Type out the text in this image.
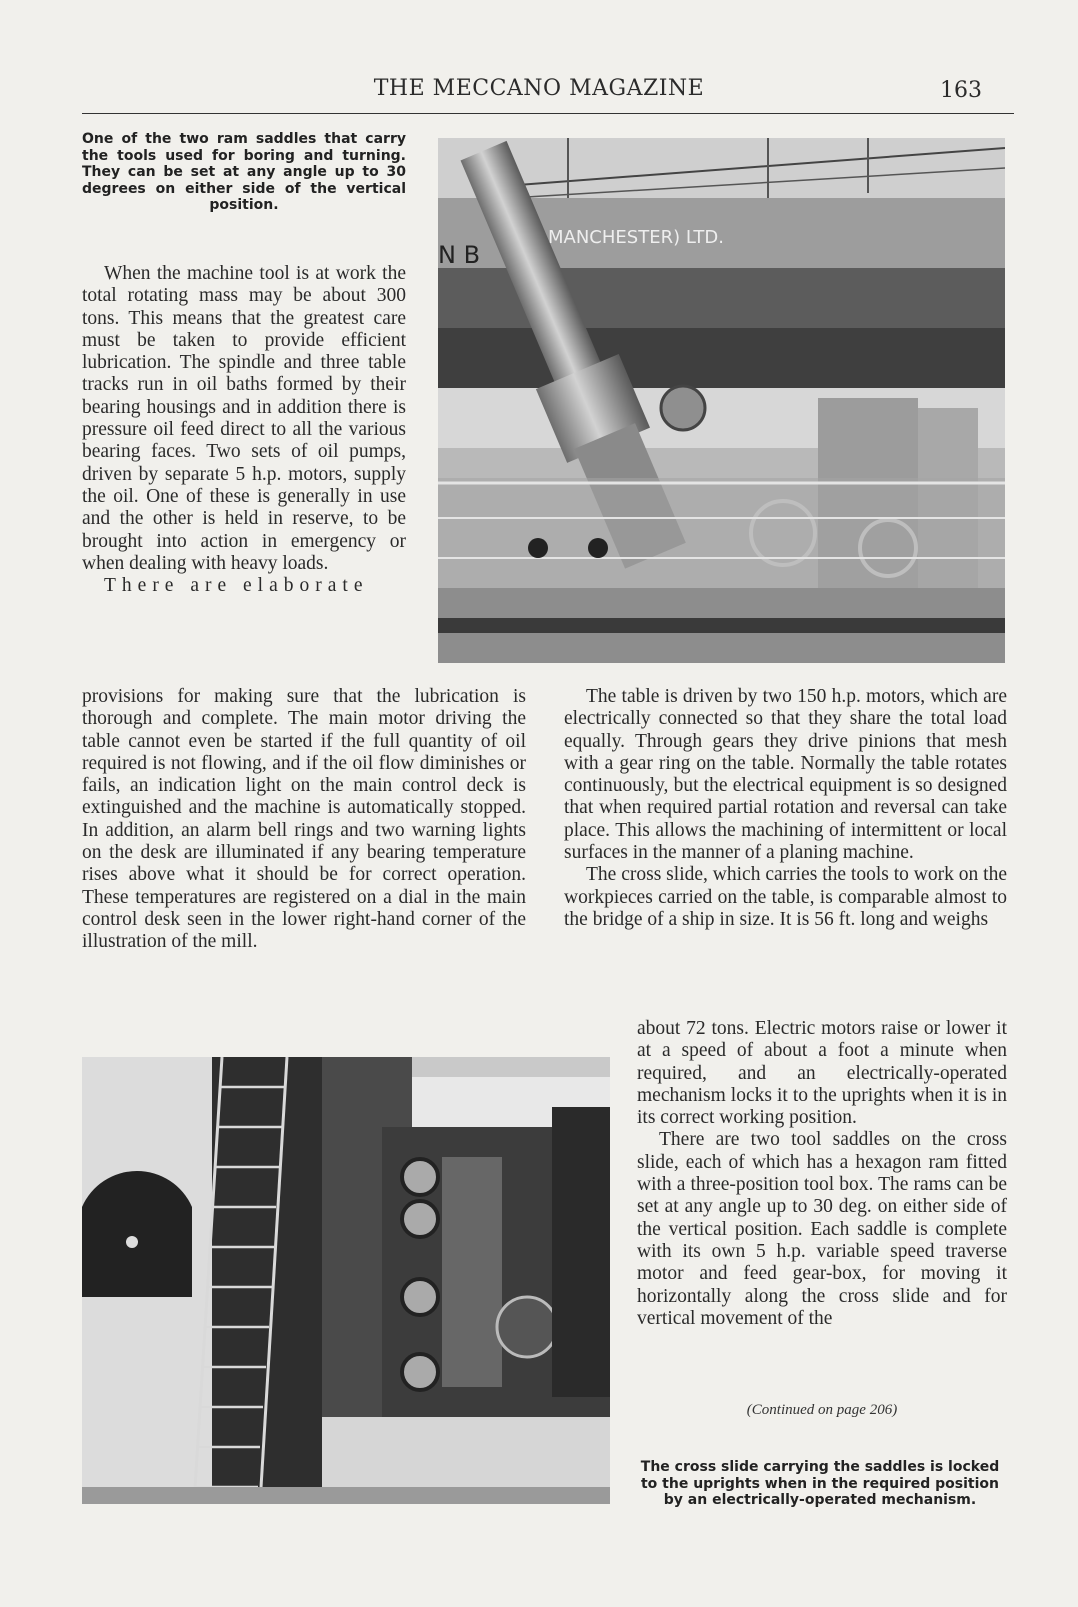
THE MECCANO MAGAZINE	163
One of the two ram saddles that carry the tools used for boring and turning. They can be set at any angle up to 30 degrees on either side of the vertical position.

When the machine tool is at work the total rotating mass may be about 300 tons. This means that the greatest care must be taken to provide efficient lubrication. The spindle and three table tracks run in oil baths formed by their bearing housings and in addition there is pressure oil feed direct to all the various bearing faces. Two sets of oil pumps, driven by separate 5 h.p. motors, supply the oil. One of these is generally in use and the other is held in reserve, to be brought into action in emergency or when dealing with heavy loads.

There are elaborate

N B
MANCHESTER) LTD.

provisions for making sure that the lubrication is thorough and complete. The main motor driving the table cannot even be started if the full quantity of oil required is not flowing, and if the oil flow diminishes or fails, an indication light on the main control deck is extinguished and the machine is automatically stopped. In addition, an alarm bell rings and two warning lights on the desk are illuminated if any bearing temperature rises above what it should be for correct operation. These temperatures are registered on a dial in the main control desk seen in the lower right-hand corner of the illustration of the mill.

The table is driven by two 150 h.p. motors, which are electrically connected so that they share the total load equally. Through gears they drive pinions that mesh with a gear ring on the table. Normally the table rotates continuously, but the electrical equipment is so designed that when required partial rotation and reversal can take place. This allows the machining of intermittent or local surfaces in the manner of a planing machine.

The cross slide, which carries the tools to work on the workpieces carried on the table, is comparable almost to the bridge of a ship in size. It is 56 ft. long and weighs

about 72 tons. Electric motors raise or lower it at a speed of about a foot a minute when required, and an electrically-operated mechanism locks it to the uprights when it is in its correct working position.

There are two tool saddles on the cross slide, each of which has a hexagon ram fitted with a three-position tool box. The rams can be set at any angle up to 30 deg. on either side of the vertical position. Each saddle is complete with its own 5 h.p. variable speed traverse motor and feed gear-box, for moving it horizontally along the cross slide and for vertical movement of the

(Continued on page 206)
The cross slide carrying the saddles is locked to the uprights when in the required position by an electrically-operated mechanism.
